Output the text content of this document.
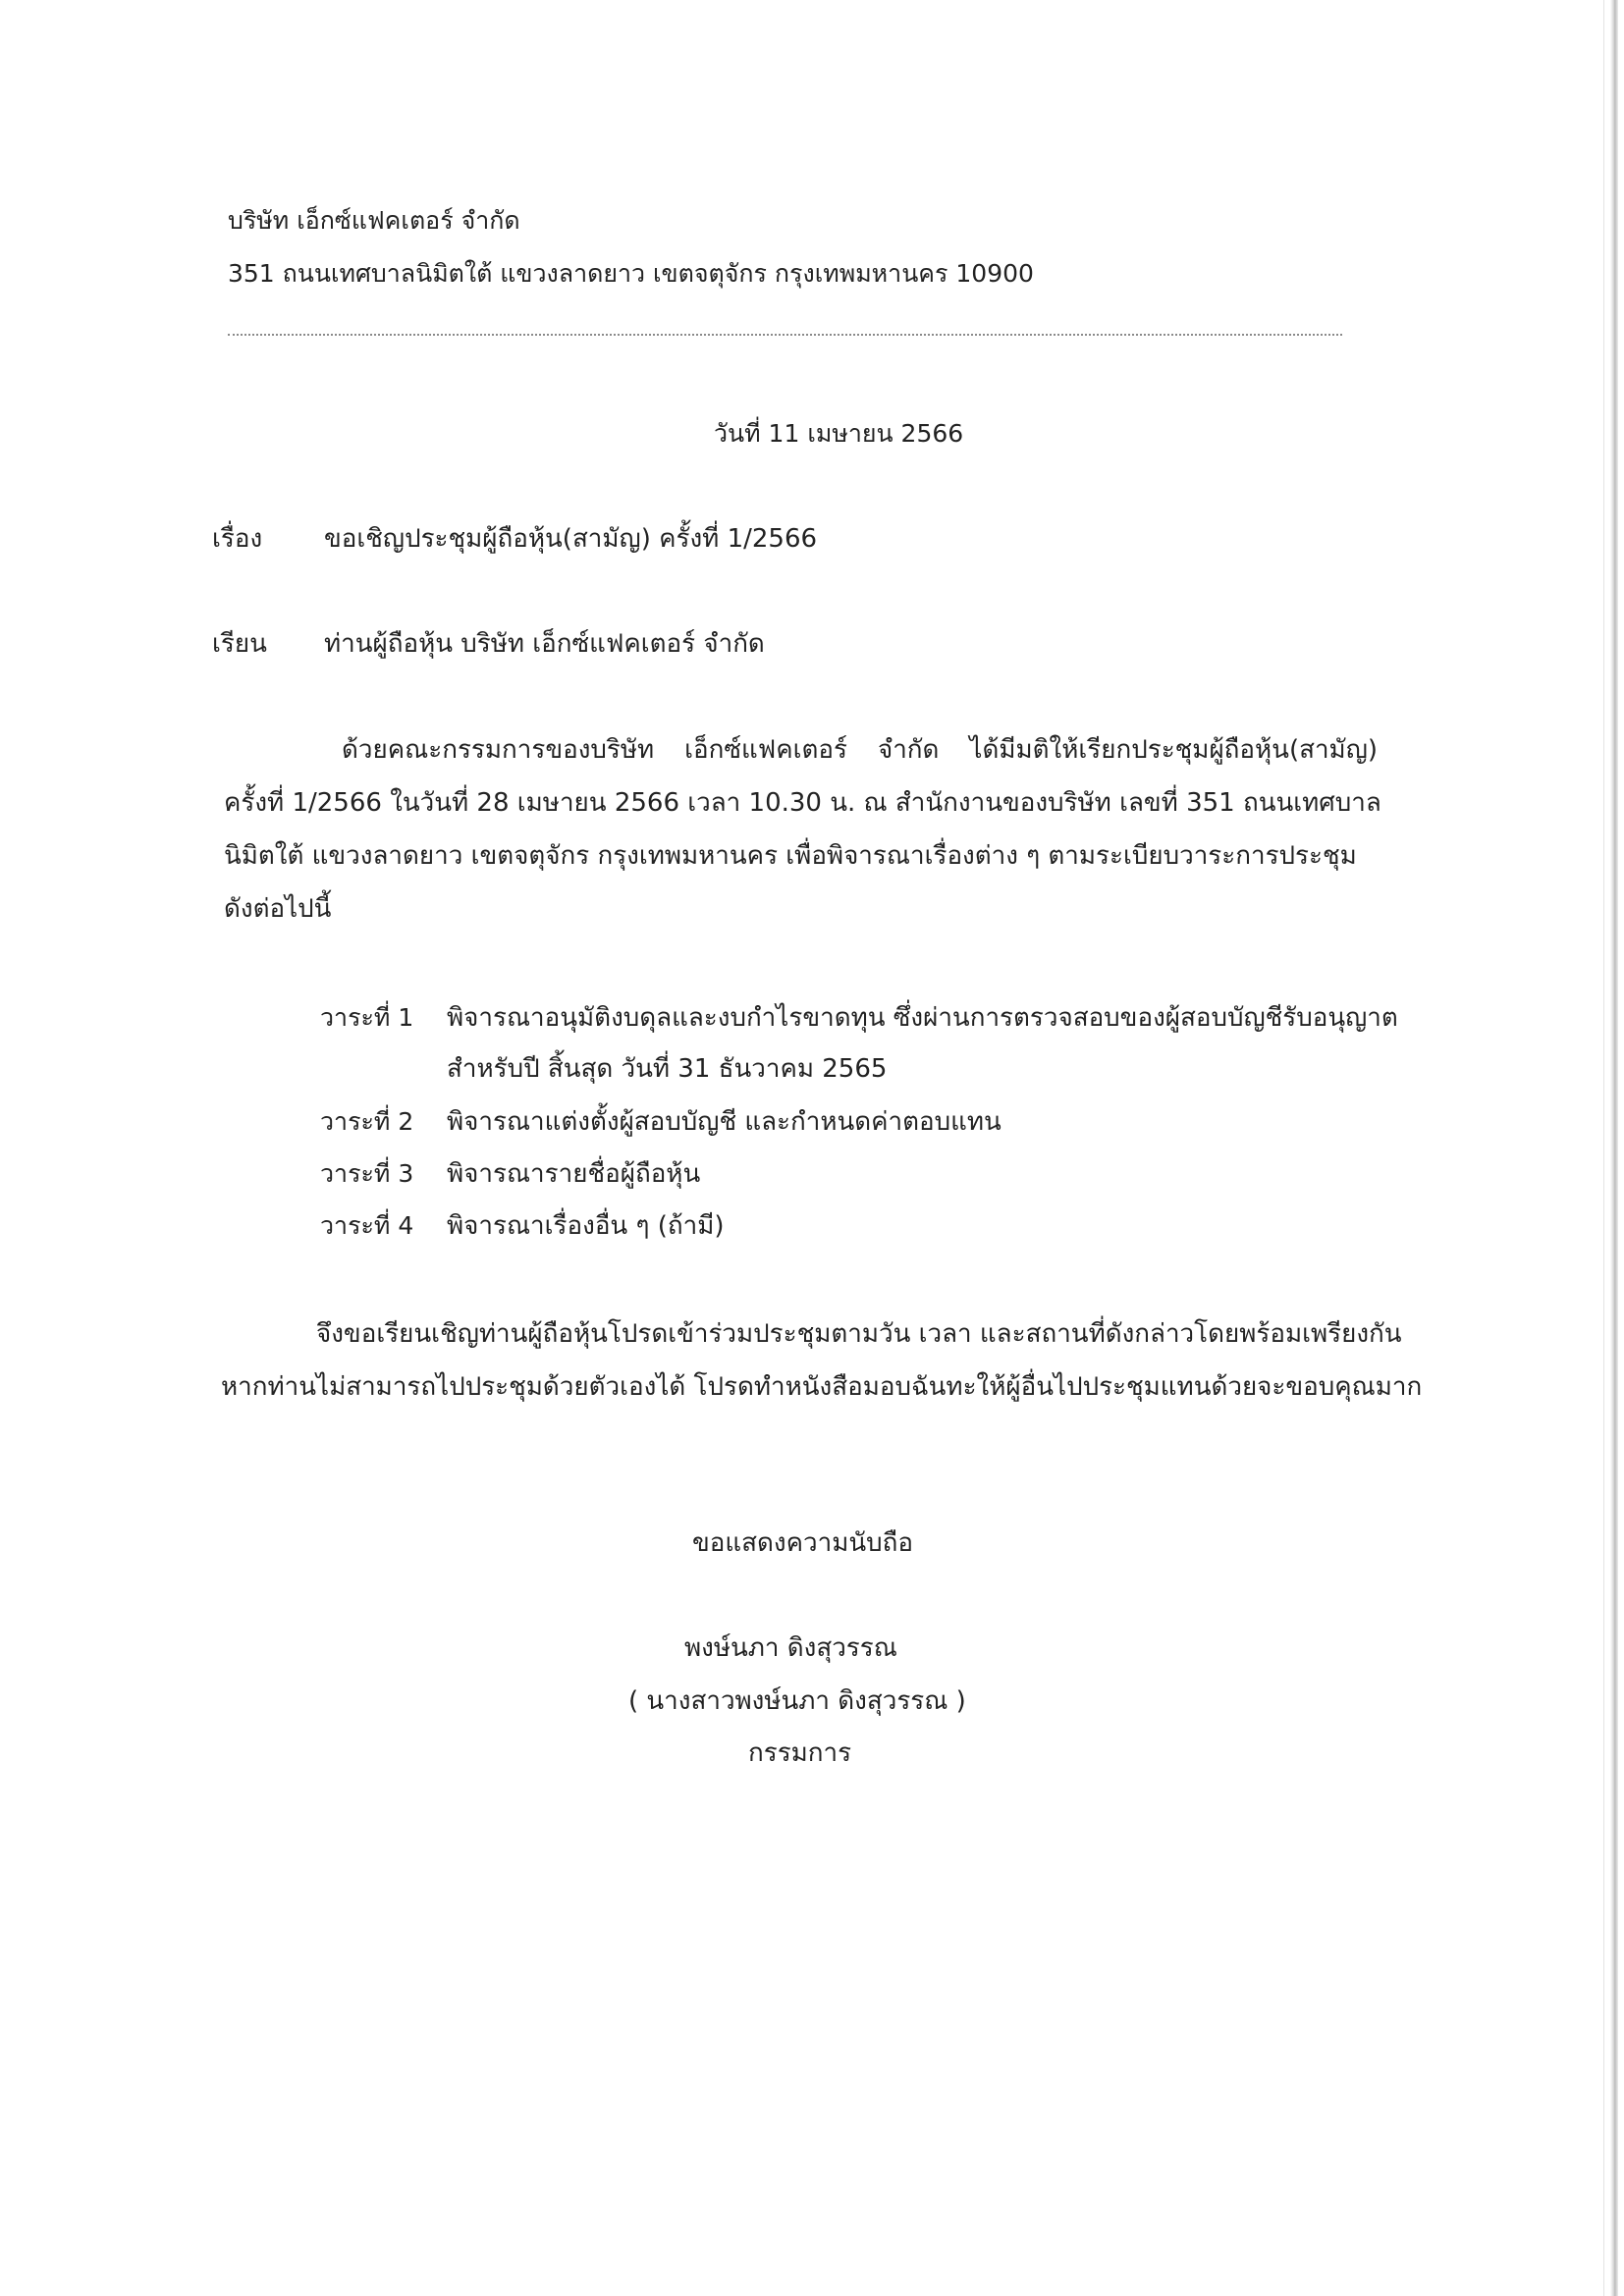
บริษัท เอ็กซ์แฟคเตอร์ จำกัด
351 ถนนเทศบาลนิมิตใต้ แขวงลาดยาว เขตจตุจักร กรุงเทพมหานคร 10900
วันที่ 11 เมษายน 2566
เรื่อง ขอเชิญประชุมผู้ถือหุ้น(สามัญ) ครั้งที่ 1/2566
เรียน ท่านผู้ถือหุ้น บริษัท เอ็กซ์แฟคเตอร์ จำกัด
ด้วยคณะกรรมการของบริษัท เอ็กซ์แฟคเตอร์ จำกัด ได้มีมติให้เรียกประชุมผู้ถือหุ้น(สามัญ)
ครั้งที่ 1/2566 ในวันที่ 28 เมษายน 2566 เวลา 10.30 น. ณ สำนักงานของบริษัท เลขที่ 351 ถนนเทศบาล
นิมิตใต้ แขวงลาดยาว เขตจตุจักร กรุงเทพมหานคร เพื่อพิจารณาเรื่องต่าง ๆ ตามระเบียบวาระการประชุม
ดังต่อไปนี้
วาระที่ 1 พิจารณาอนุมัติงบดุลและงบกำไรขาดทุน ซึ่งผ่านการตรวจสอบของผู้สอบบัญชีรับอนุญาต
สำหรับปี สิ้นสุด วันที่ 31 ธันวาคม 2565
วาระที่ 2 พิจารณาแต่งตั้งผู้สอบบัญชี และกำหนดค่าตอบแทน
วาระที่ 3 พิจารณารายชื่อผู้ถือหุ้น
วาระที่ 4 พิจารณาเรื่องอื่น ๆ (ถ้ามี)
จึงขอเรียนเชิญท่านผู้ถือหุ้นโปรดเข้าร่วมประชุมตามวัน เวลา และสถานที่ดังกล่าวโดยพร้อมเพรียงกัน
หากท่านไม่สามารถไปประชุมด้วยตัวเองได้ โปรดทำหนังสือมอบฉันทะให้ผู้อื่นไปประชุมแทนด้วยจะขอบคุณมาก
ขอแสดงความนับถือ
พงษ์นภา ดิงสุวรรณ
( นางสาวพงษ์นภา ดิงสุวรรณ )
กรรมการ
